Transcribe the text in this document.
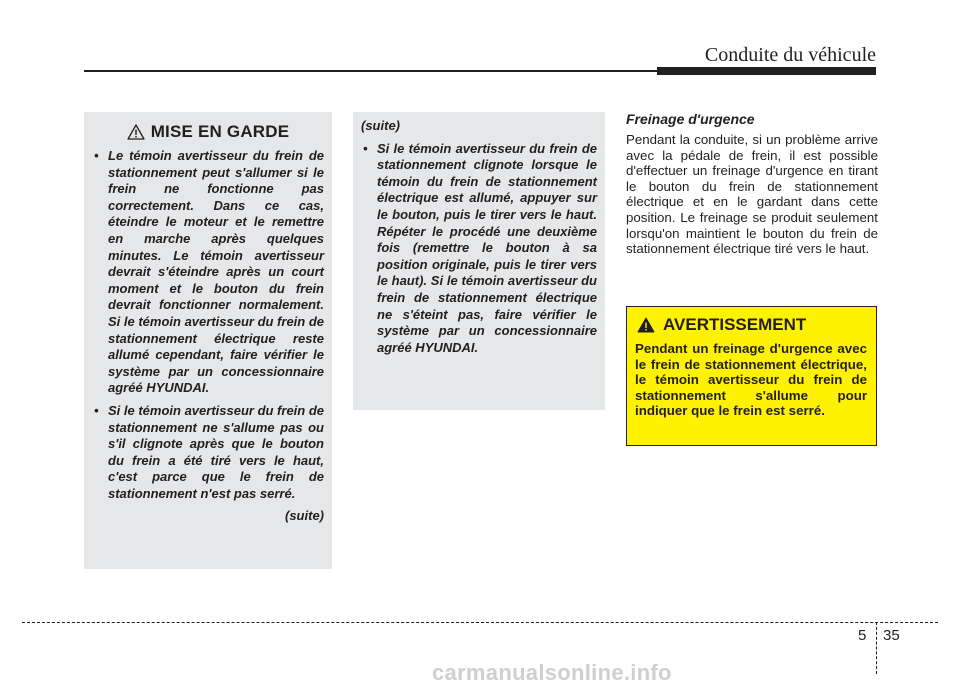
Conduite du véhicule
MISE EN GARDE
• Le témoin avertisseur du frein de stationnement peut s'allumer si le frein ne fonctionne pas correctement. Dans ce cas, éteindre le moteur et le remettre en marche après quelques minutes. Le témoin avertisseur devrait s'éteindre après un court moment et le bouton du frein devrait fonctionner normalement. Si le témoin avertisseur du frein de stationnement électrique reste allumé cependant, faire vérifier le système par un concessionnaire agréé HYUNDAI.
• Si le témoin avertisseur du frein de stationnement ne s'allume pas ou s'il clignote après que le bouton du frein a été tiré vers le haut, c'est parce que le frein de stationnement n'est pas serré.
(suite)
(suite)
• Si le témoin avertisseur du frein de stationnement clignote lorsque le témoin du frein de stationnement électrique est allumé, appuyer sur le bouton, puis le tirer vers le haut. Répéter le procédé une deuxième fois (remettre le bouton à sa position originale, puis le tirer vers le haut). Si le témoin avertisseur du frein de stationnement électrique ne s'éteint pas, faire vérifier le système par un concessionnaire agréé HYUNDAI.
Freinage d'urgence

Pendant la conduite, si un problème arrive avec la pédale de frein, il est possible d'effectuer un freinage d'urgence en tirant le bouton du frein de stationnement électrique et en le gardant dans cette position. Le freinage se produit seulement lorsqu'on maintient le bouton du frein de stationnement électrique tiré vers le haut.

AVERTISSEMENT

Pendant un freinage d'urgence avec le frein de stationnement électrique, le témoin avertisseur du frein de stationnement s'allume pour indiquer que le frein est serré.

5 35
carmanualsonline.info
